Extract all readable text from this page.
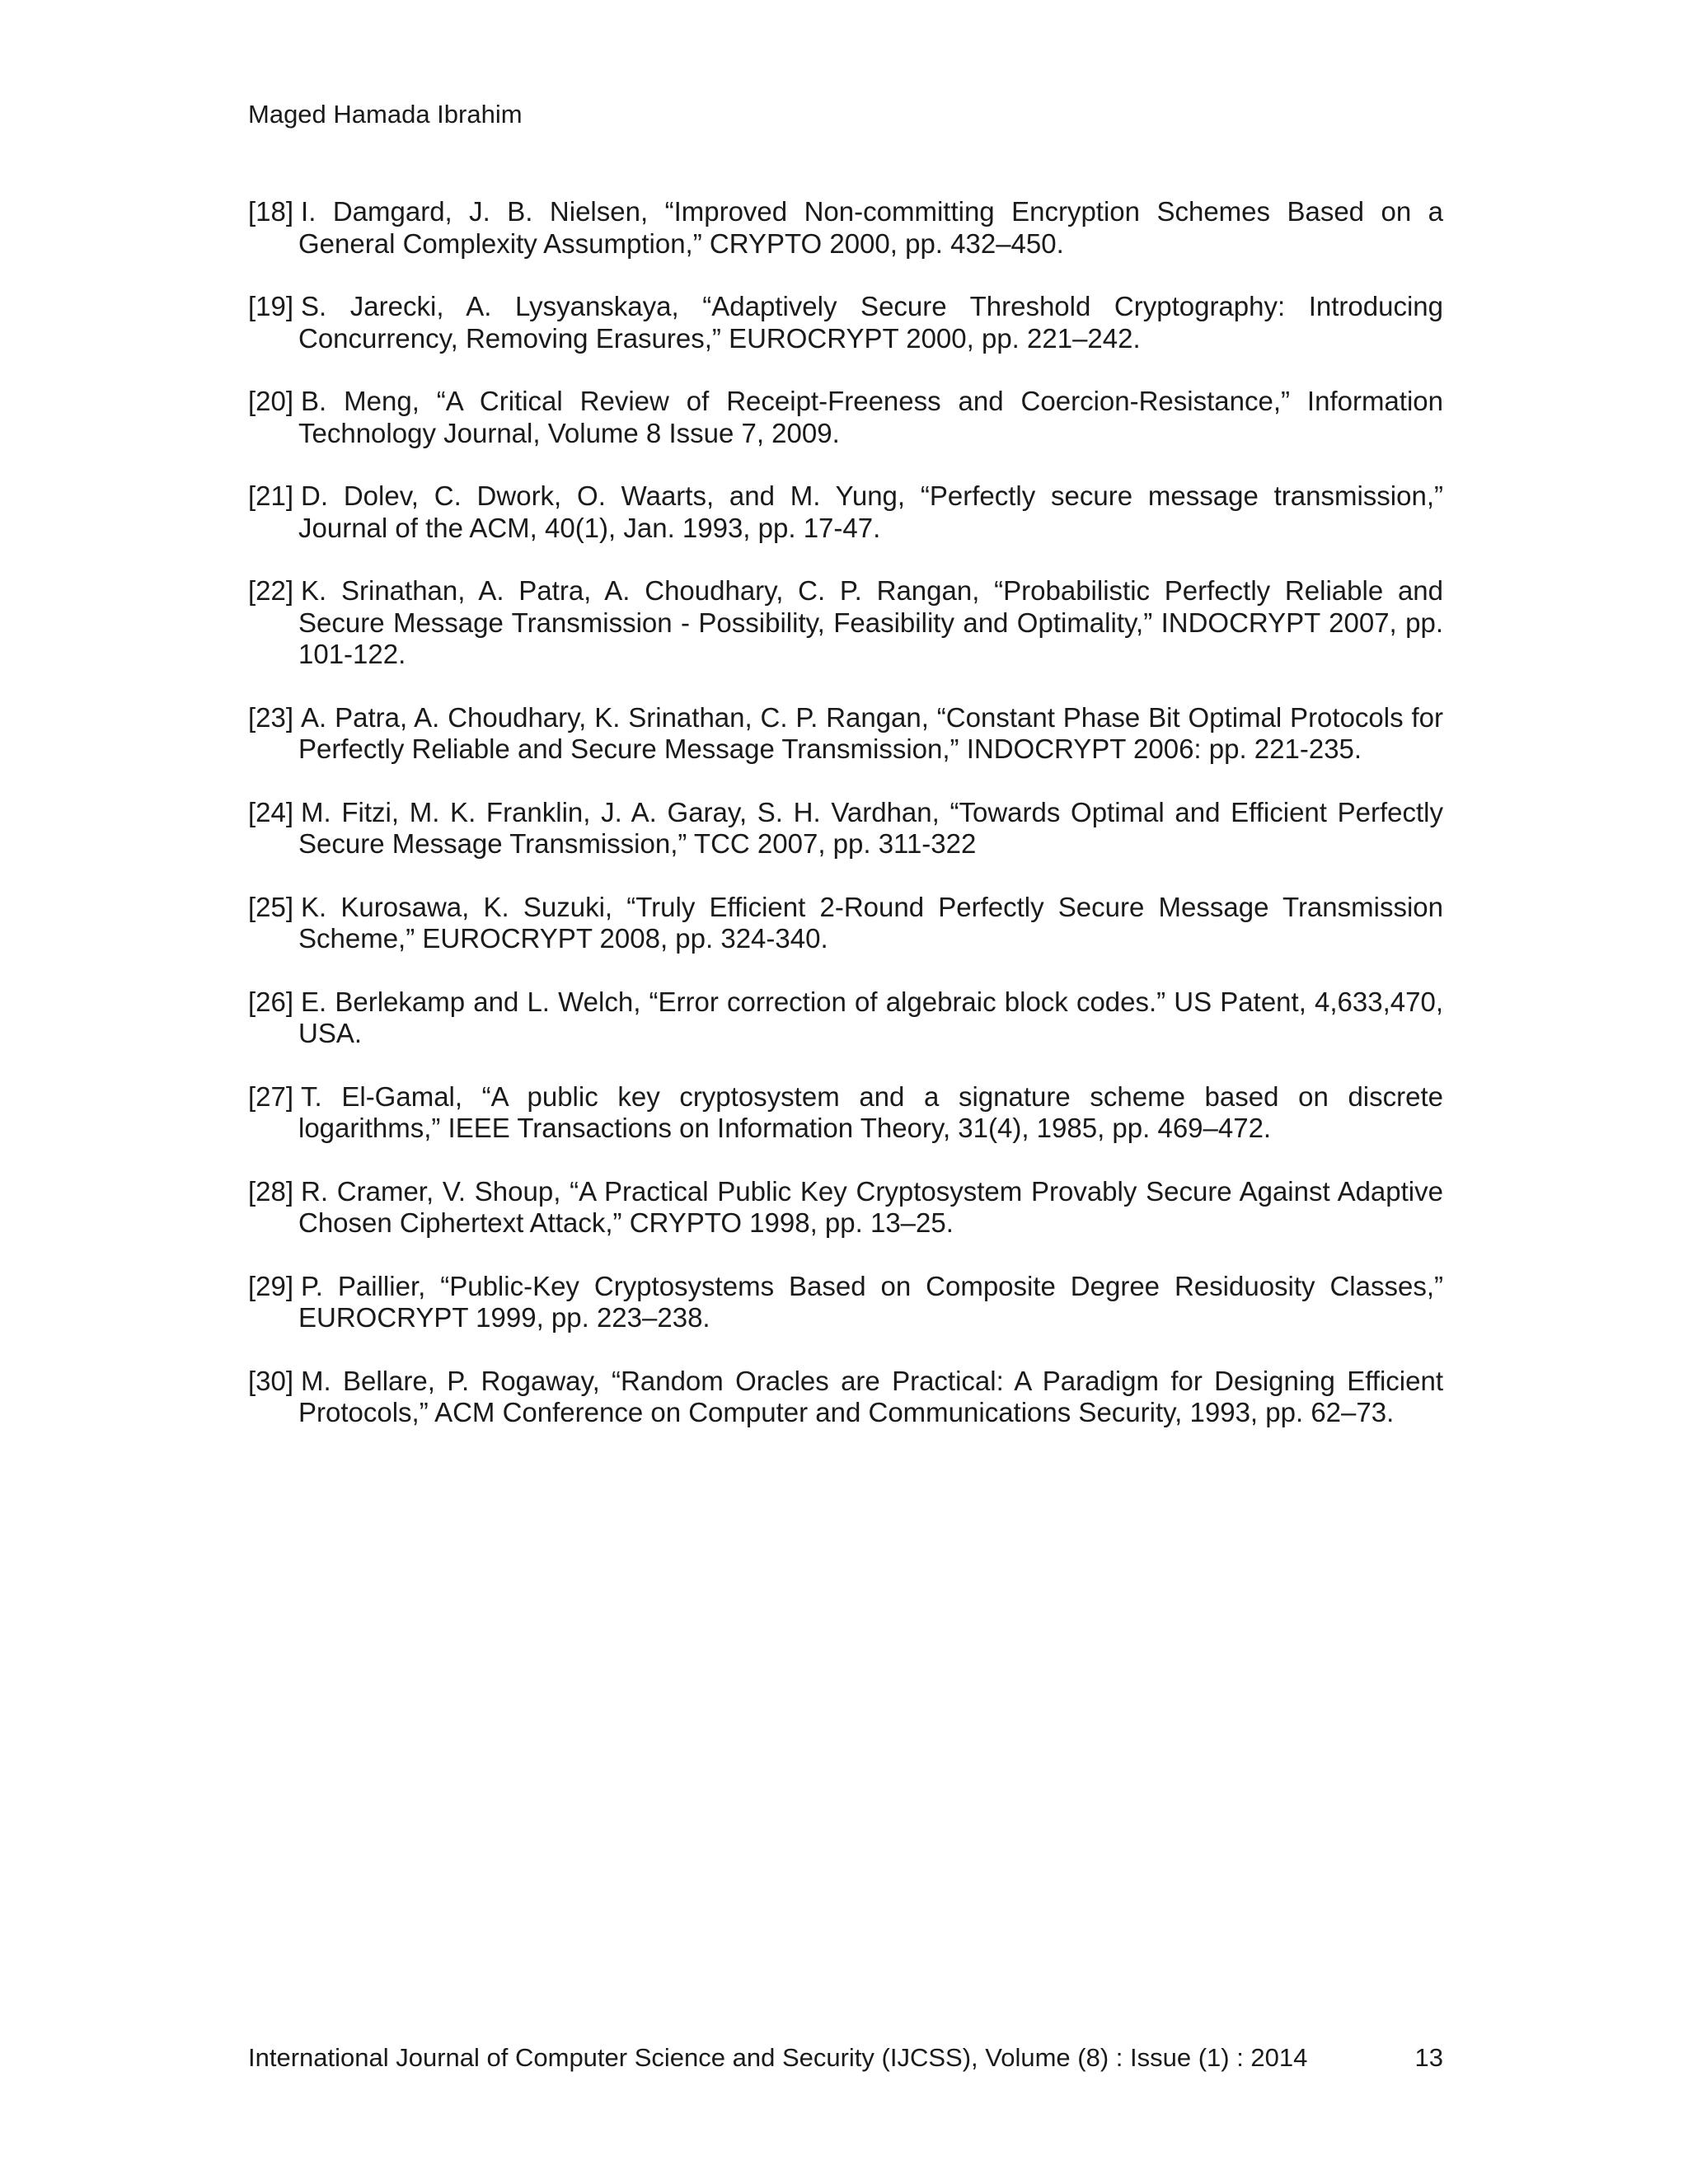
Maged Hamada Ibrahim
[18] I. Damgard, J. B. Nielsen, “Improved Non-committing Encryption Schemes Based on a General Complexity Assumption,” CRYPTO 2000, pp. 432–450.
[19] S. Jarecki, A. Lysyanskaya, “Adaptively Secure Threshold Cryptography: Introducing Concurrency, Removing Erasures,” EUROCRYPT 2000, pp. 221–242.
[20] B. Meng, “A Critical Review of Receipt-Freeness and Coercion-Resistance,” Information Technology Journal, Volume 8 Issue 7, 2009.
[21] D. Dolev, C. Dwork, O. Waarts, and M. Yung, “Perfectly secure message transmission,” Journal of the ACM, 40(1), Jan. 1993, pp. 17-47.
[22] K. Srinathan, A. Patra, A. Choudhary, C. P. Rangan, “Probabilistic Perfectly Reliable and Secure Message Transmission - Possibility, Feasibility and Optimality,” INDOCRYPT 2007, pp. 101-122.
[23] A. Patra, A. Choudhary, K. Srinathan, C. P. Rangan, “Constant Phase Bit Optimal Protocols for Perfectly Reliable and Secure Message Transmission,” INDOCRYPT 2006: pp. 221-235.
[24] M. Fitzi, M. K. Franklin, J. A. Garay, S. H. Vardhan, “Towards Optimal and Efficient Perfectly Secure Message Transmission,” TCC 2007, pp. 311-322
[25] K. Kurosawa, K. Suzuki, “Truly Efficient 2-Round Perfectly Secure Message Transmission Scheme,” EUROCRYPT 2008, pp. 324-340.
[26] E. Berlekamp and L. Welch, “Error correction of algebraic block codes.” US Patent, 4,633,470, USA.
[27] T. El-Gamal, “A public key cryptosystem and a signature scheme based on discrete logarithms,” IEEE Transactions on Information Theory, 31(4), 1985, pp. 469–472.
[28] R. Cramer, V. Shoup, “A Practical Public Key Cryptosystem Provably Secure Against Adaptive Chosen Ciphertext Attack,” CRYPTO 1998, pp. 13–25.
[29] P. Paillier, “Public-Key Cryptosystems Based on Composite Degree Residuosity Classes,” EUROCRYPT 1999, pp. 223–238.
[30] M. Bellare, P. Rogaway, “Random Oracles are Practical: A Paradigm for Designing Efficient Protocols,” ACM Conference on Computer and Communications Security, 1993, pp. 62–73.
International Journal of Computer Science and Security (IJCSS), Volume (8) : Issue (1) : 2014	13
